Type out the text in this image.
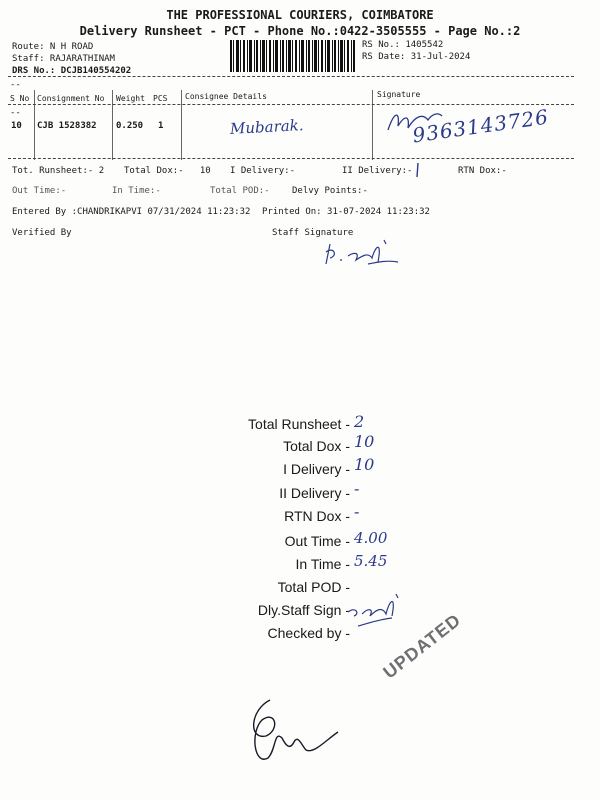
THE PROFESSIONAL COURIERS, COIMBATORE
Delivery Runsheet - PCT - Phone No.:0422-3505555 - Page No.:2
Route: N H ROAD
Staff: RAJARATHINAM
DRS No.: DCJB140554202
RS No.: 1405542
RS Date: 31-Jul-2024
--
S No Consignment No Weight PCS Consignee Details	Signature
--
10 CJB 1528382 0.250 1	Mubarak.	9363143726
Tot. Runsheet:- 2 Total Dox:-   10 I Delivery:-	II Delivery:-	RTN Dox:-
Out Time:-	In Time:-	Total POD:- Delvy Points:-
Entered By :CHANDRIKAPVI 07/31/2024 11:23:32 Printed On: 31-07-2024 11:23:32
Verified By	Staff Signature
Total Runsheet - 2
Total Dox - 10
I Delivery - 10
II Delivery - -
RTN Dox - -
Out Time - 4.00
In Time - 5.45
Total POD -
Dly.Staff Sign -
Checked by - UPDATED
